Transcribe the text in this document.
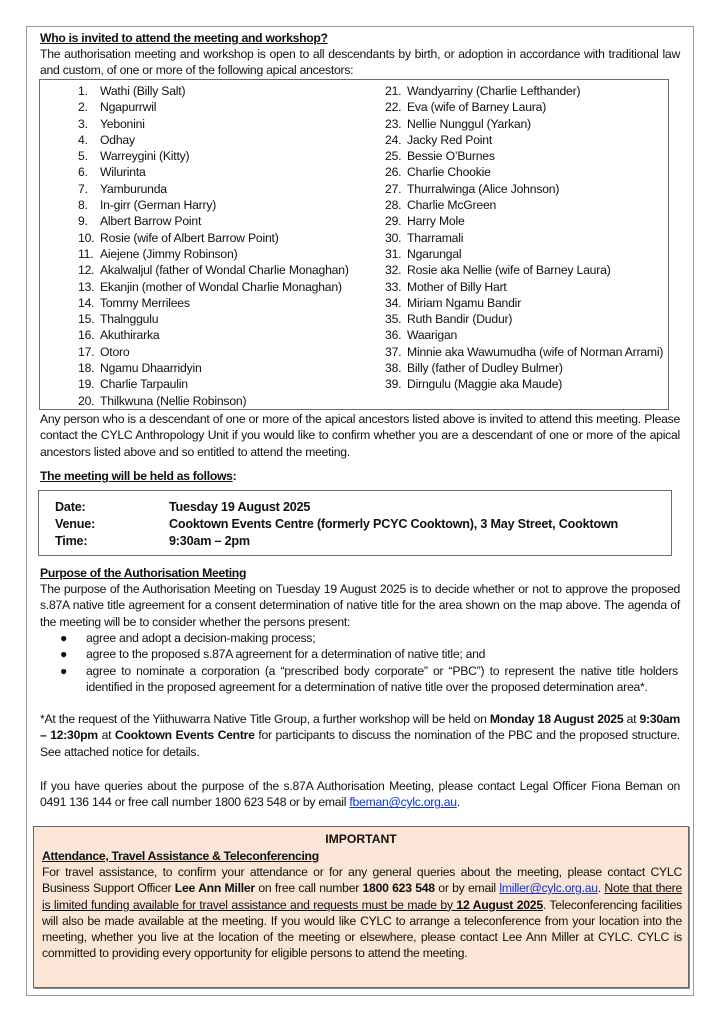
Who is invited to attend the meeting and workshop?
The authorisation meeting and workshop is open to all descendants by birth, or adoption in accordance with traditional law and custom, of one or more of the following apical ancestors:
1. Wathi (Billy Salt)
2. Ngapurrwil
3. Yebonini
4. Odhay
5. Warreygini (Kitty)
6. Wilurinta
7. Yamburunda
8. In-girr (German Harry)
9. Albert Barrow Point
10. Rosie (wife of Albert Barrow Point)
11. Aiejene (Jimmy Robinson)
12. Akalwaljul (father of Wondal Charlie Monaghan)
13. Ekanjin (mother of Wondal Charlie Monaghan)
14. Tommy Merrilees
15. Thalnggulu
16. Akuthirarka
17. Otoro
18. Ngamu Dhaarridyin
19. Charlie Tarpaulin
20. Thilkwuna (Nellie Robinson)
21. Wandyarriny (Charlie Lefthander)
22. Eva (wife of Barney Laura)
23. Nellie Nunggul (Yarkan)
24. Jacky Red Point
25. Bessie O’Burnes
26. Charlie Chookie
27. Thurralwinga (Alice Johnson)
28. Charlie McGreen
29. Harry Mole
30. Tharramali
31. Ngarungal
32. Rosie aka Nellie (wife of Barney Laura)
33. Mother of Billy Hart
34. Miriam Ngamu Bandir
35. Ruth Bandir (Dudur)
36. Waarigan
37. Minnie aka Wawumudha (wife of Norman Arrami)
38. Billy (father of Dudley Bulmer)
39. Dirngulu (Maggie aka Maude)
Any person who is a descendant of one or more of the apical ancestors listed above is invited to attend this meeting. Please contact the CYLC Anthropology Unit if you would like to confirm whether you are a descendant of one or more of the apical ancestors listed above and so entitled to attend the meeting.
The meeting will be held as follows:
Date:	Tuesday 19 August 2025
Venue:	Cooktown Events Centre (formerly PCYC Cooktown), 3 May Street, Cooktown
Time:	9:30am – 2pm
Purpose of the Authorisation Meeting
The purpose of the Authorisation Meeting on Tuesday 19 August 2025 is to decide whether or not to approve the proposed s.87A native title agreement for a consent determination of native title for the area shown on the map above. The agenda of the meeting will be to consider whether the persons present:
● agree and adopt a decision-making process;
● agree to the proposed s.87A agreement for a determination of native title; and
● agree to nominate a corporation (a “prescribed body corporate” or “PBC”) to represent the native title holders identified in the proposed agreement for a determination of native title over the proposed determination area*.
*At the request of the Yiithuwarra Native Title Group, a further workshop will be held on Monday 18 August 2025 at 9:30am – 12:30pm at Cooktown Events Centre for participants to discuss the nomination of the PBC and the proposed structure. See attached notice for details.
If you have queries about the purpose of the s.87A Authorisation Meeting, please contact Legal Officer Fiona Beman on 0491 136 144 or free call number 1800 623 548 or by email fbeman@cylc.org.au.
IMPORTANT
Attendance, Travel Assistance & Teleconferencing
For travel assistance, to confirm your attendance or for any general queries about the meeting, please contact CYLC Business Support Officer Lee Ann Miller on free call number 1800 623 548 or by email lmiller@cylc.org.au. Note that there is limited funding available for travel assistance and requests must be made by 12 August 2025. Teleconferencing facilities will also be made available at the meeting. If you would like CYLC to arrange a teleconference from your location into the meeting, whether you live at the location of the meeting or elsewhere, please contact Lee Ann Miller at CYLC. CYLC is committed to providing every opportunity for eligible persons to attend the meeting.
